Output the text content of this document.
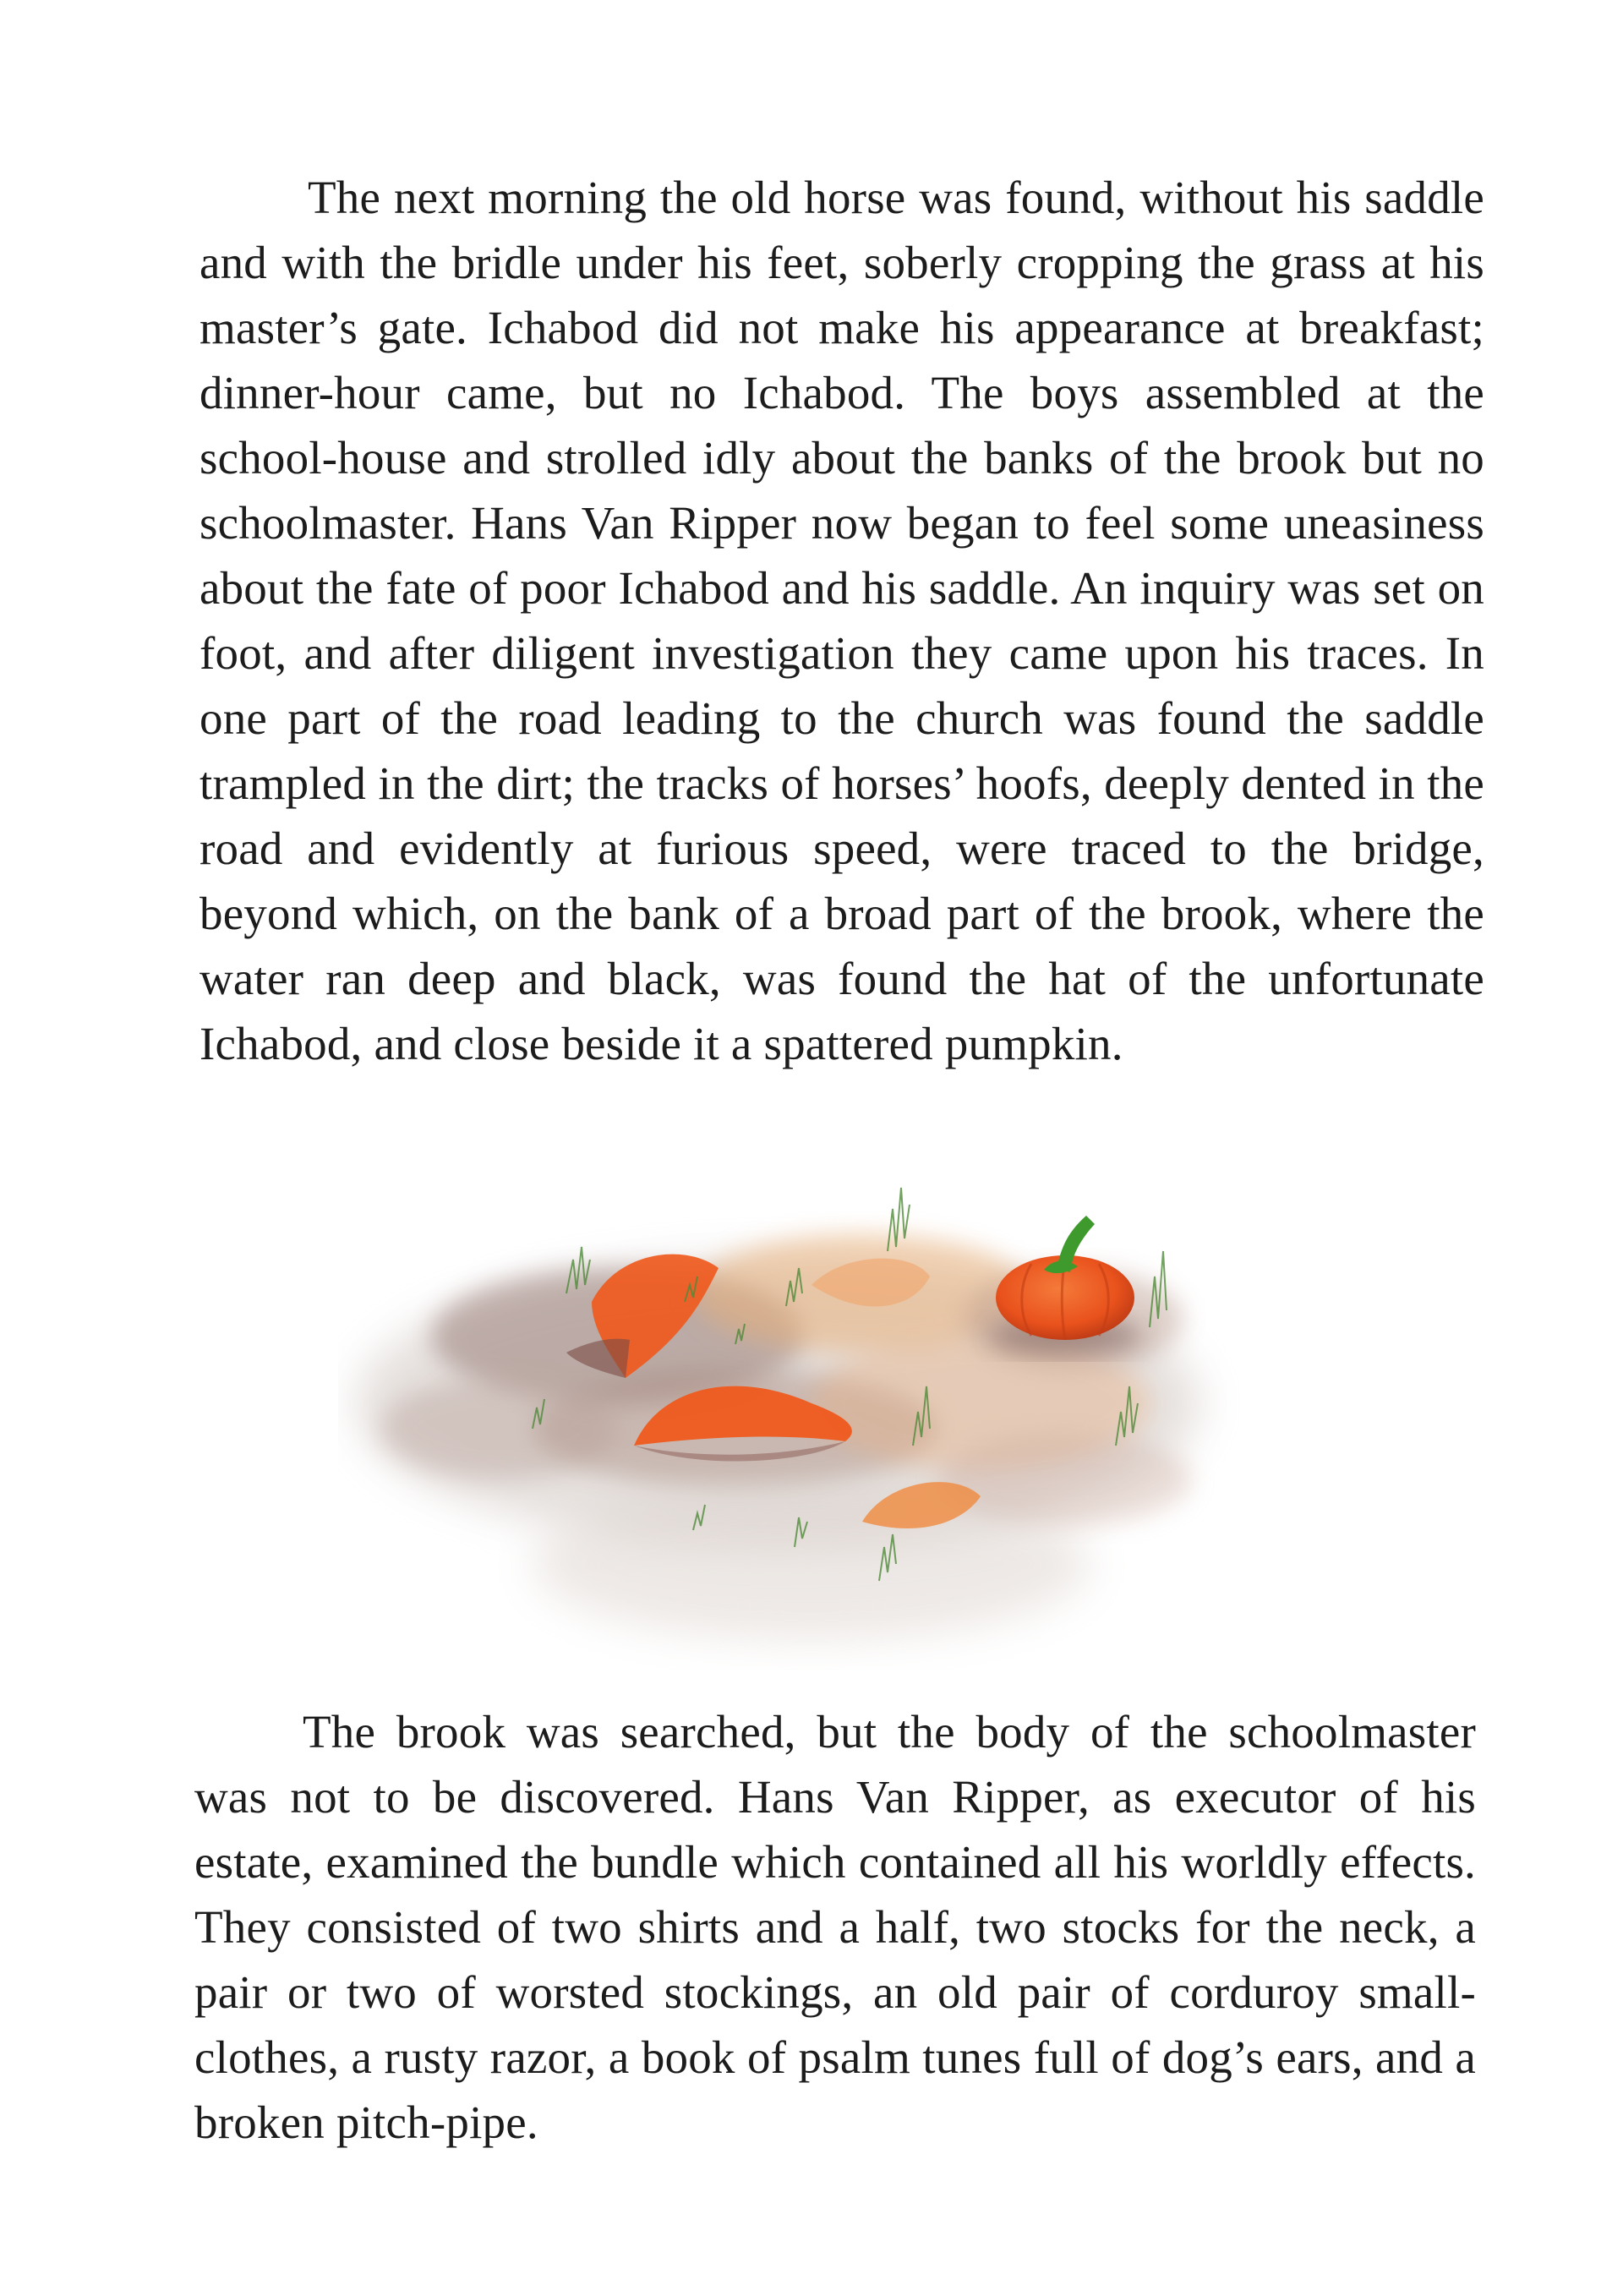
The next morning the old horse was found, without his saddle and with the bridle under his feet, soberly cropping the grass at his master’s gate. Ichabod did not make his appearance at breakfast; dinner-hour came, but no Ichabod. The boys assembled at the school-house and strolled idly about the banks of the brook but no schoolmaster. Hans Van Ripper now began to feel some uneasiness about the fate of poor Ichabod and his saddle. An inquiry was set on foot, and after diligent investigation they came upon his traces. In one part of the road leading to the church was found the saddle trampled in the dirt; the tracks of horses’ hoofs, deeply dented in the road and evidently at furious speed, were traced to the bridge, beyond which, on the bank of a broad part of the brook, where the water ran deep and black, was found the hat of the unfortunate Ichabod, and close beside it a spattered pumpkin.

The brook was searched, but the body of the schoolmaster was not to be discovered. Hans Van Ripper, as executor of his estate, examined the bundle which contained all his worldly effects. They consisted of two shirts and a half, two stocks for the neck, a pair or two of worsted stockings, an old pair of corduroy small-clothes, a rusty razor, a book of psalm tunes full of dog’s ears, and a broken pitch-pipe.
